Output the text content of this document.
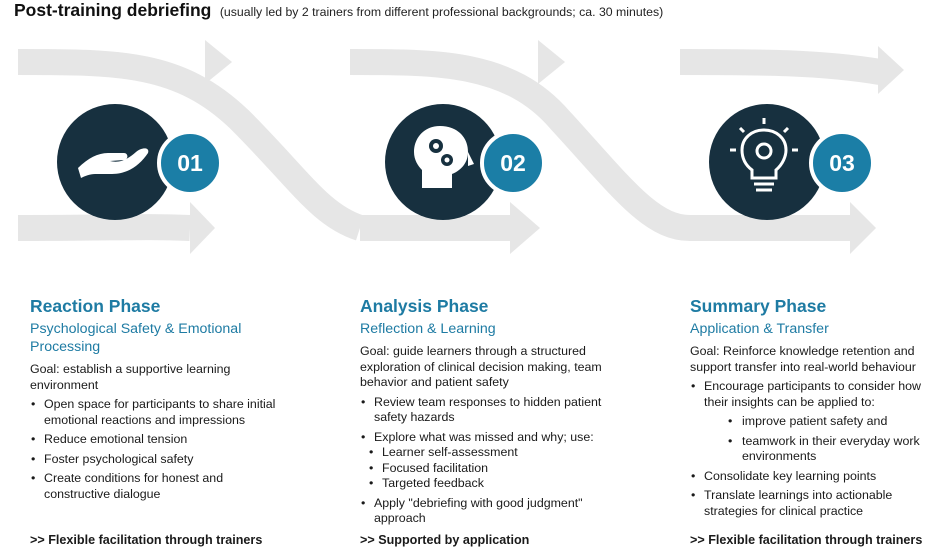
Post-training debriefing (usually led by 2 trainers from different professional backgrounds; ca. 30 minutes)
01	02	03
Reaction Phase
Psychological Safety & Emotional Processing
Goal: establish a supportive learning environment
• Open space for participants to share initial emotional reactions and impressions
• Reduce emotional tension
• Foster psychological safety
• Create conditions for honest and constructive dialogue
Analysis Phase
Reflection & Learning
Goal: guide learners through a structured exploration of clinical decision making, team behavior and patient safety
• Review team responses to hidden patient safety hazards
• Explore what was missed and why; use:
• Learner self-assessment
• Focused facilitation
• Targeted feedback
• Apply "debriefing with good judgment" approach
Summary Phase
Application & Transfer
Goal: Reinforce knowledge retention and support transfer into real-world behaviour
• Encourage participants to consider how their insights can be applied to:
• improve patient safety and
• teamwork in their everyday work environments
• Consolidate key learning points
• Translate learnings into actionable strategies for clinical practice
>> Flexible facilitation through trainers	>> Supported by application	>> Flexible facilitation through trainers
